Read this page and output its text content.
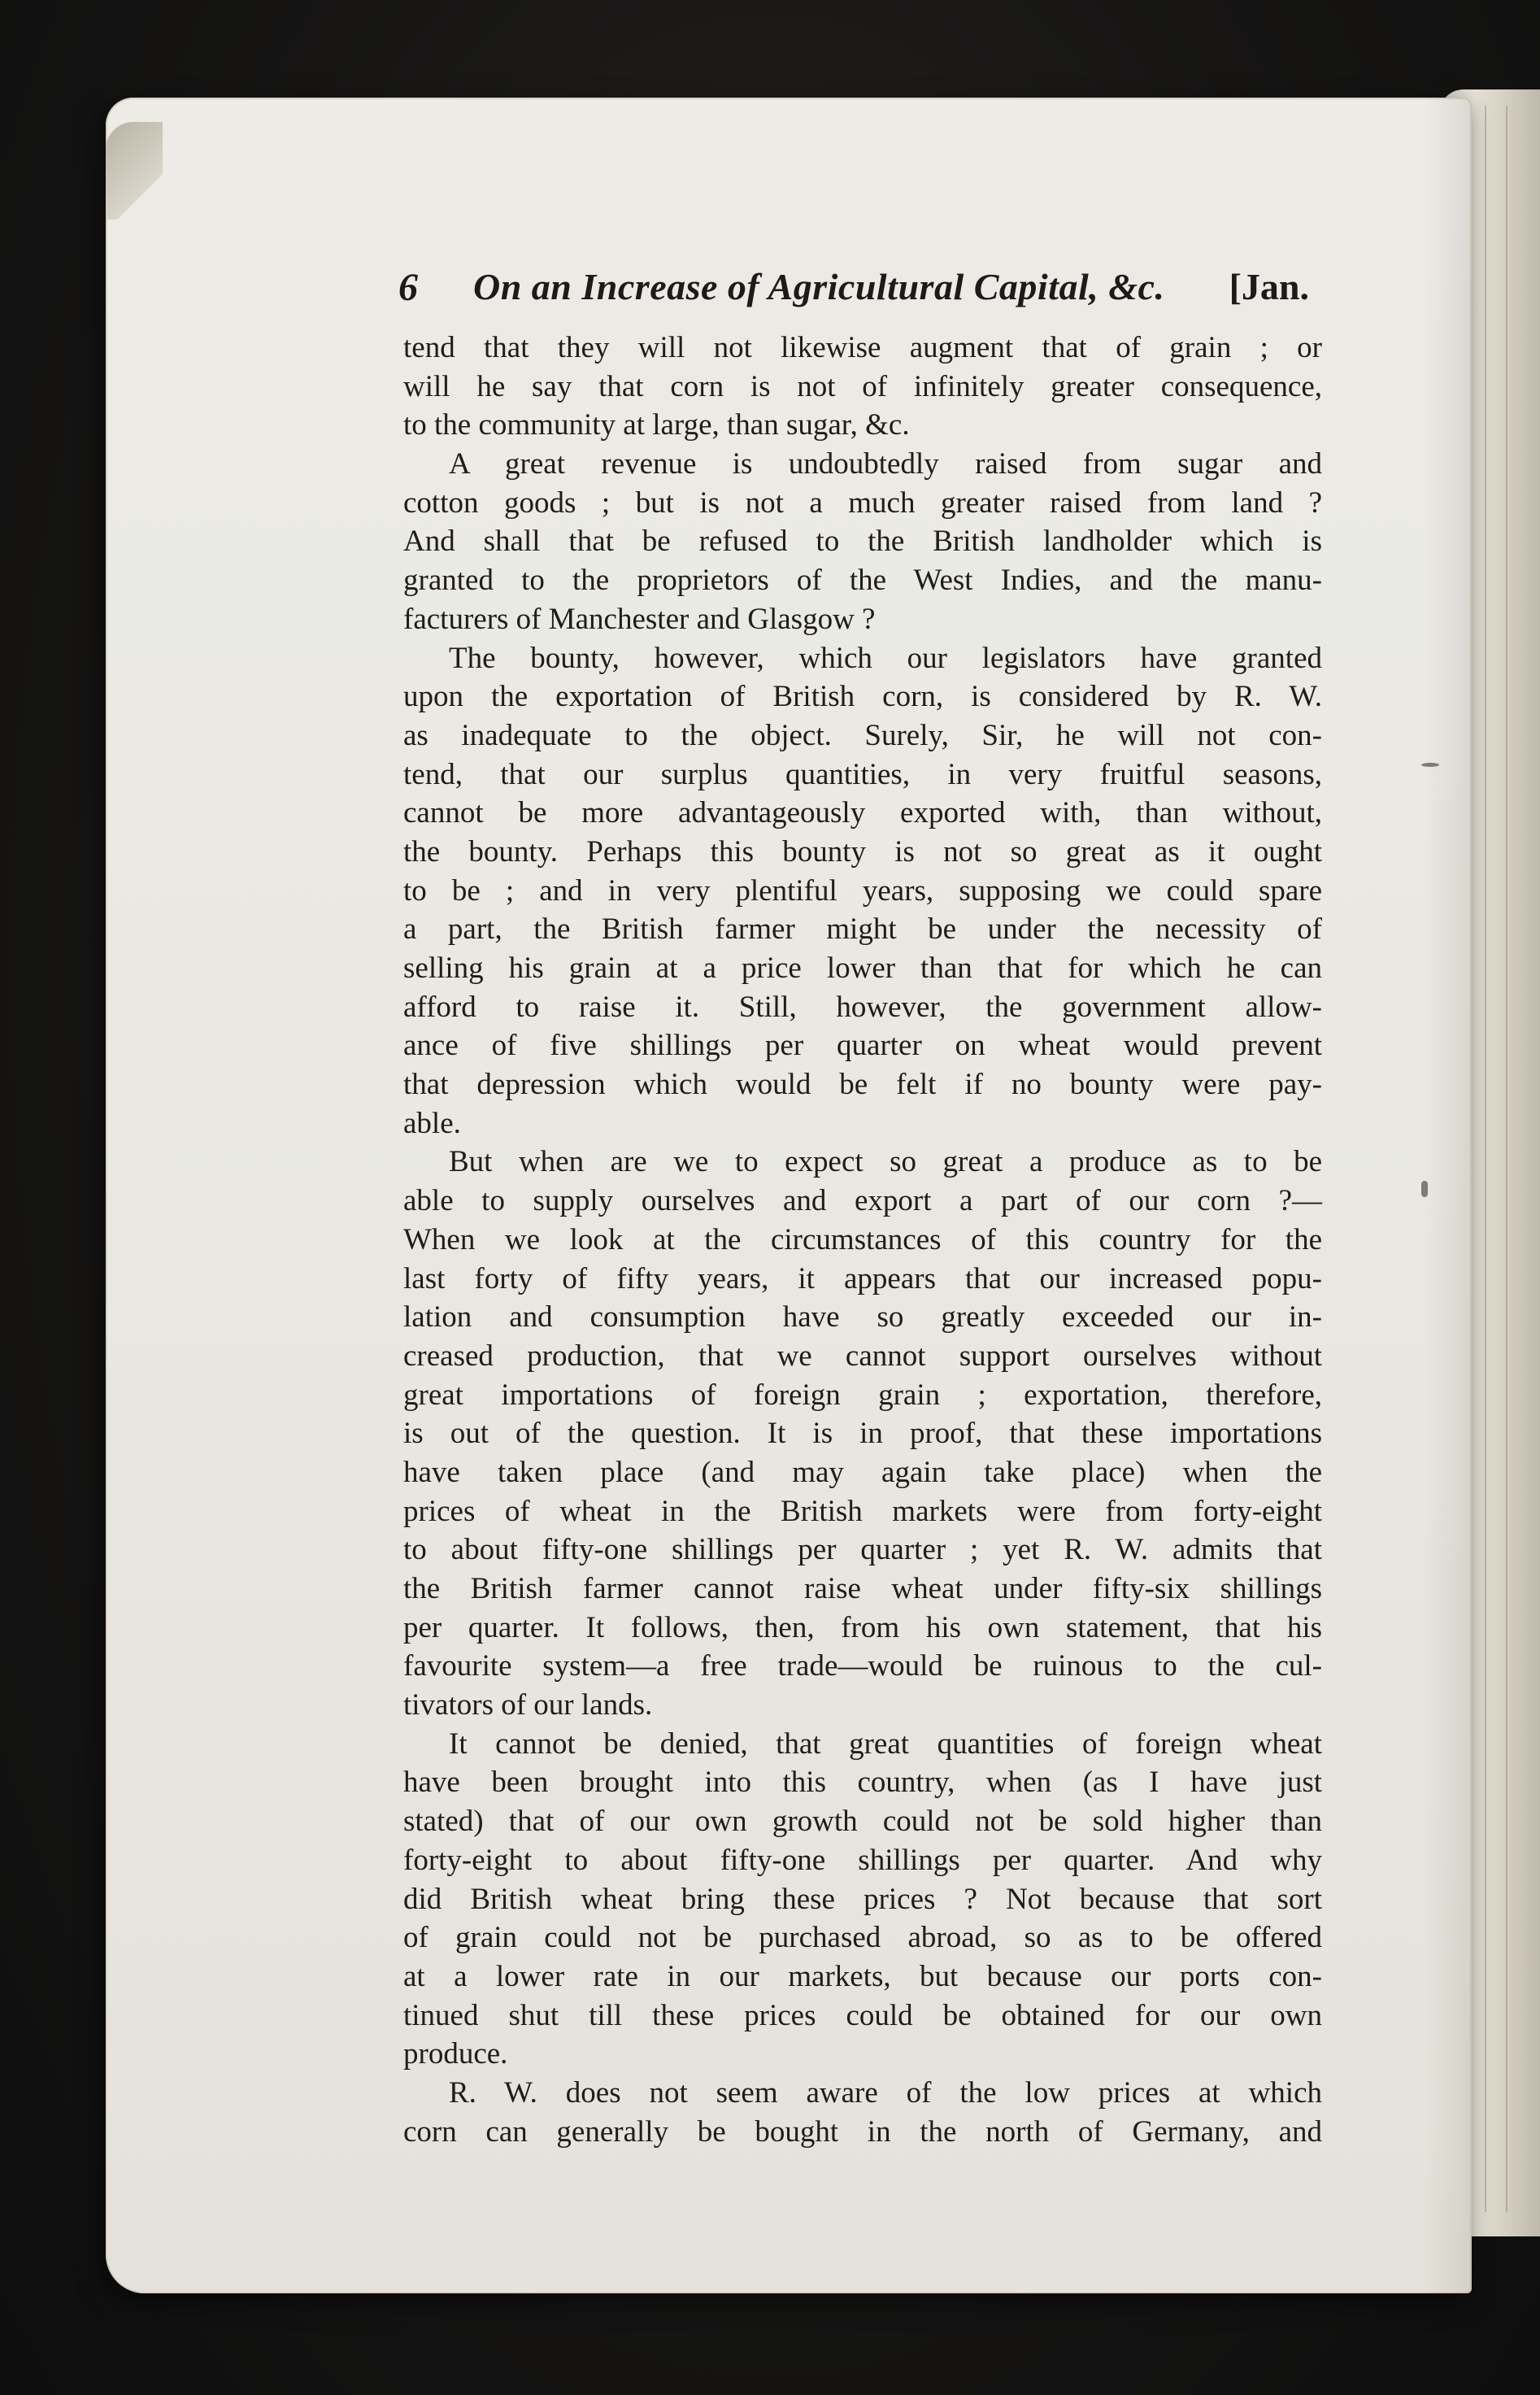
6 On an Increase of Agricultural Capital, &c. [Jan.
tend that they will not likewise augment that of grain ; or
will he say that corn is not of infinitely greater consequence,
to the community at large, than sugar, &c.
A great revenue is undoubtedly raised from sugar and
cotton goods ; but is not a much greater raised from land ?
And shall that be refused to the British landholder which is
granted to the proprietors of the West Indies, and the manu-
facturers of Manchester and Glasgow ?
The bounty, however, which our legislators have granted
upon the exportation of British corn, is considered by R. W.
as inadequate to the object. Surely, Sir, he will not con-
tend, that our surplus quantities, in very fruitful seasons,
cannot be more advantageously exported with, than without,
the bounty. Perhaps this bounty is not so great as it ought
to be ; and in very plentiful years, supposing we could spare
a part, the British farmer might be under the necessity of
selling his grain at a price lower than that for which he can
afford to raise it. Still, however, the government allow-
ance of five shillings per quarter on wheat would prevent
that depression which would be felt if no bounty were pay-
able.
But when are we to expect so great a produce as to be
able to supply ourselves and export a part of our corn ?—
When we look at the circumstances of this country for the
last forty of fifty years, it appears that our increased popu-
lation and consumption have so greatly exceeded our in-
creased production, that we cannot support ourselves without
great importations of foreign grain ; exportation, therefore,
is out of the question. It is in proof, that these importations
have taken place (and may again take place) when the
prices of wheat in the British markets were from forty-eight
to about fifty-one shillings per quarter ; yet R. W. admits that
the British farmer cannot raise wheat under fifty-six shillings
per quarter. It follows, then, from his own statement, that his
favourite system—a free trade—would be ruinous to the cul-
tivators of our lands.
It cannot be denied, that great quantities of foreign wheat
have been brought into this country, when (as I have just
stated) that of our own growth could not be sold higher than
forty-eight to about fifty-one shillings per quarter. And why
did British wheat bring these prices ? Not because that sort
of grain could not be purchased abroad, so as to be offered
at a lower rate in our markets, but because our ports con-
tinued shut till these prices could be obtained for our own
produce.
R. W. does not seem aware of the low prices at which
corn can generally be bought in the north of Germany, and
